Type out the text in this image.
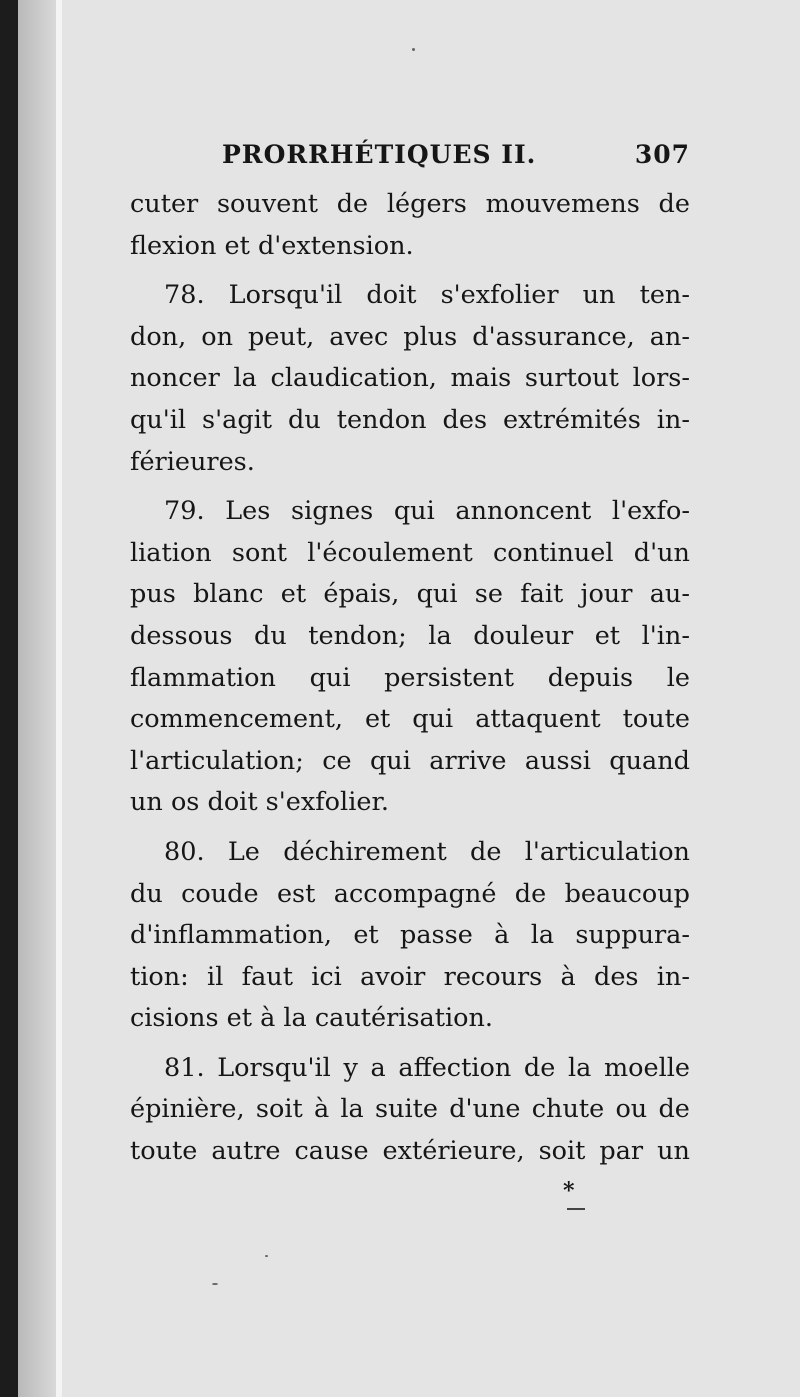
PRORRHÉTIQUES II.	307
cuter souvent de légers mouvemens de
flexion et d'extension.
78. Lorsqu'il doit s'exfolier un ten-
don, on peut, avec plus d'assurance, an-
noncer la claudication, mais surtout lors-
qu'il s'agit du tendon des extrémités in-
férieures.
79. Les signes qui annoncent l'exfo-
liation sont l'écoulement continuel d'un
pus blanc et épais, qui se fait jour au-
dessous du tendon; la douleur et l'in-
flammation qui persistent depuis le
commencement, et qui attaquent toute
l'articulation; ce qui arrive aussi quand
un os doit s'exfolier.
80. Le déchirement de l'articulation
du coude est accompagné de beaucoup
d'inflammation, et passe à la suppura-
tion: il faut ici avoir recours à des in-
cisions et à la cautérisation.
81. Lorsqu'il y a affection de la moelle
épinière, soit à la suite d'une chute ou de
toute autre cause extérieure, soit par un
*
